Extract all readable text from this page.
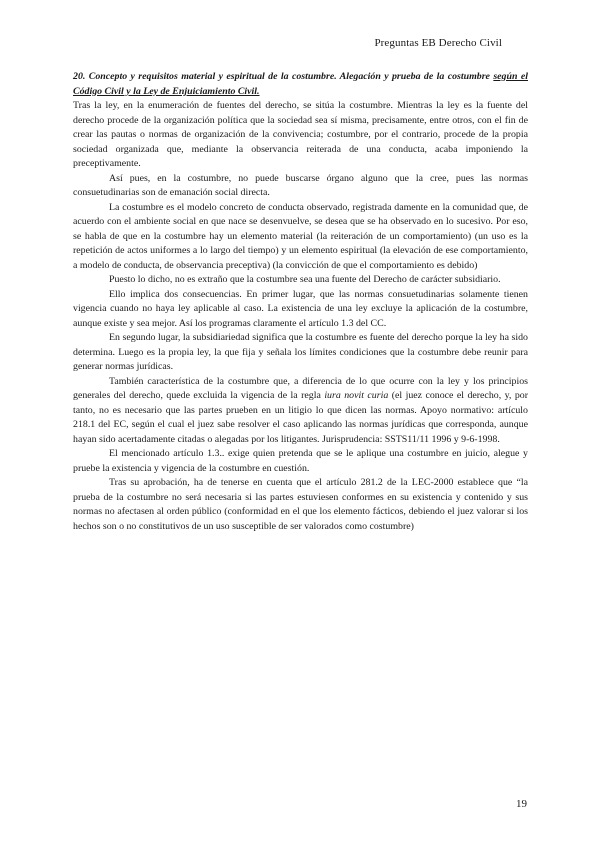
Preguntas EB Derecho Civil

20. Concepto y requisitos material y espiritual de la costumbre. Alegación y prueba de la costumbre según el Código Civil y la Ley de Enjuiciamiento Civil.

Tras la ley, en la enumeración de fuentes del derecho, se sitúa la costumbre. Mientras la ley es la fuente del derecho procede de la organización política que la sociedad sea sí misma, precisamente, entre otros, con el fin de crear las pautas o normas de organización de la convivencia; costumbre, por el contrario, procede de la propia sociedad organizada que, mediante la observancia reiterada de una conducta, acaba imponiendo la preceptivamente.

Así pues, en la costumbre, no puede buscarse órgano alguno que la cree, pues las normas consuetudinarias son de emanación social directa.

La costumbre es el modelo concreto de conducta observado, registrada damente en la comunidad que, de acuerdo con el ambiente social en que nace se desenvuelve, se desea que se ha observado en lo sucesivo. Por eso, se habla de que en la costumbre hay un elemento material (la reiteración de un comportamiento) (un uso es la repetición de actos uniformes a lo largo del tiempo) y un elemento espiritual (la elevación de ese comportamiento, a modelo de conducta, de observancia preceptiva) (la convicción de que el comportamiento es debido)

Puesto lo dicho, no es extraño que la costumbre sea una fuente del Derecho de carácter subsidiario.

Ello implica dos consecuencias. En primer lugar, que las normas consuetudinarias solamente tienen vigencia cuando no haya ley aplicable al caso. La existencia de una ley excluye la aplicación de la costumbre, aunque existe y sea mejor. Así los programas claramente el artículo 1.3 del CC.

En segundo lugar, la subsidiariedad significa que la costumbre es fuente del derecho porque la ley ha sido determina. Luego es la propia ley, la que fija y señala los límites condiciones que la costumbre debe reunir para generar normas jurídicas.

También característica de la costumbre que, a diferencia de lo que ocurre con la ley y los principios generales del derecho, quede excluida la vigencia de la regla iura novit curia (el juez conoce el derecho, y, por tanto, no es necesario que las partes prueben en un litigio lo que dicen las normas. Apoyo normativo: artículo 218.1 del EC, según el cual el juez sabe resolver el caso aplicando las normas jurídicas que corresponda, aunque hayan sido acertadamente citadas o alegadas por los litigantes. Jurisprudencia: SSTS11/11 1996 y 9-6-1998.

El mencionado artículo 1.3.. exige quien pretenda que se le aplique una costumbre en juicio, alegue y pruebe la existencia y vigencia de la costumbre en cuestión.

Tras su aprobación, ha de tenerse en cuenta que el artículo 281.2 de la LEC-2000 establece que “la prueba de la costumbre no será necesaria si las partes estuviesen conformes en su existencia y contenido y sus normas no afectasen al orden público (conformidad en el que los elemento fácticos, debiendo el juez valorar si los hechos son o no constitutivos de un uso susceptible de ser valorados como costumbre)

19
